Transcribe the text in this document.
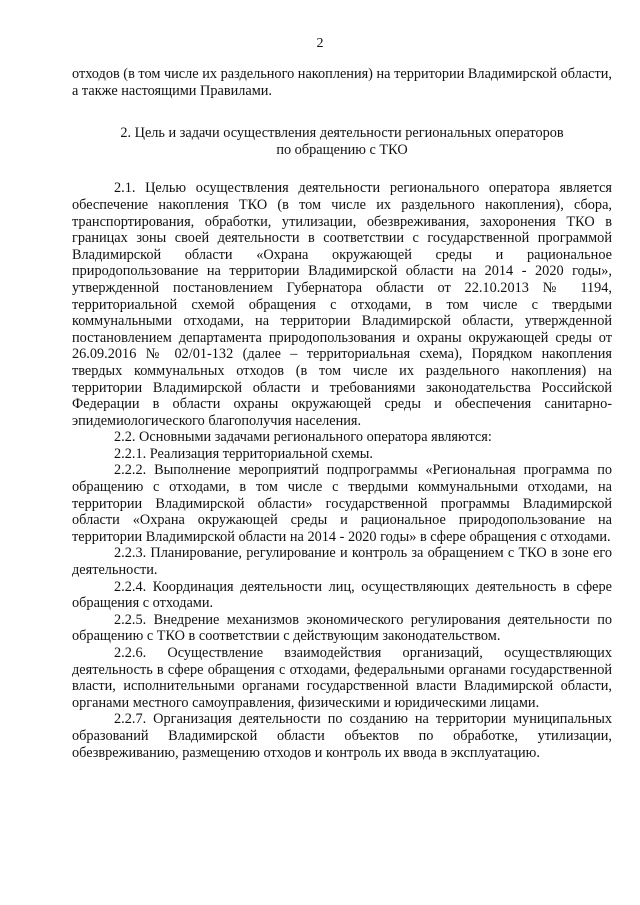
2

отходов (в том числе их раздельного накопления) на территории Владимирской области, а также настоящими Правилами.

2. Цель и задачи осуществления деятельности региональных операторов
по обращению с ТКО

2.1. Целью осуществления деятельности регионального оператора является обеспечение накопления ТКО (в том числе их раздельного накопления), сбора, транспортирования, обработки, утилизации, обезвреживания, захоронения ТКО в границах зоны своей деятельности в соответствии с государственной программой Владимирской области «Охрана окружающей среды и рациональное природопользование на территории Владимирской области на 2014 - 2020 годы», утвержденной постановлением Губернатора области от 22.10.2013 № 1194, территориальной схемой обращения с отходами, в том числе с твердыми коммунальными отходами, на территории Владимирской области, утвержденной постановлением департамента природопользования и охраны окружающей среды от 26.09.2016 № 02/01-132 (далее – территориальная схема), Порядком накопления твердых коммунальных отходов (в том числе их раздельного накопления) на территории Владимирской области и требованиями законодательства Российской Федерации в области охраны окружающей среды и обеспечения санитарно-эпидемиологического благополучия населения.

2.2. Основными задачами регионального оператора являются:

2.2.1. Реализация территориальной схемы.

2.2.2. Выполнение мероприятий подпрограммы «Региональная программа по обращению с отходами, в том числе с твердыми коммунальными отходами, на территории Владимирской области» государственной программы Владимирской области «Охрана окружающей среды и рациональное природопользование на территории Владимирской области на 2014 - 2020 годы» в сфере обращения с отходами.

2.2.3. Планирование, регулирование и контроль за обращением с ТКО в зоне его деятельности.

2.2.4. Координация деятельности лиц, осуществляющих деятельность в сфере обращения с отходами.

2.2.5. Внедрение механизмов экономического регулирования деятельности по обращению с ТКО в соответствии с действующим законодательством.

2.2.6. Осуществление взаимодействия организаций, осуществляющих деятельность в сфере обращения с отходами, федеральными органами государственной власти, исполнительными органами государственной власти Владимирской области, органами местного самоуправления, физическими и юридическими лицами.

2.2.7. Организация деятельности по созданию на территории муниципальных образований Владимирской области объектов по обработке, утилизации, обезвреживанию, размещению отходов и контроль их ввода в эксплуатацию.
